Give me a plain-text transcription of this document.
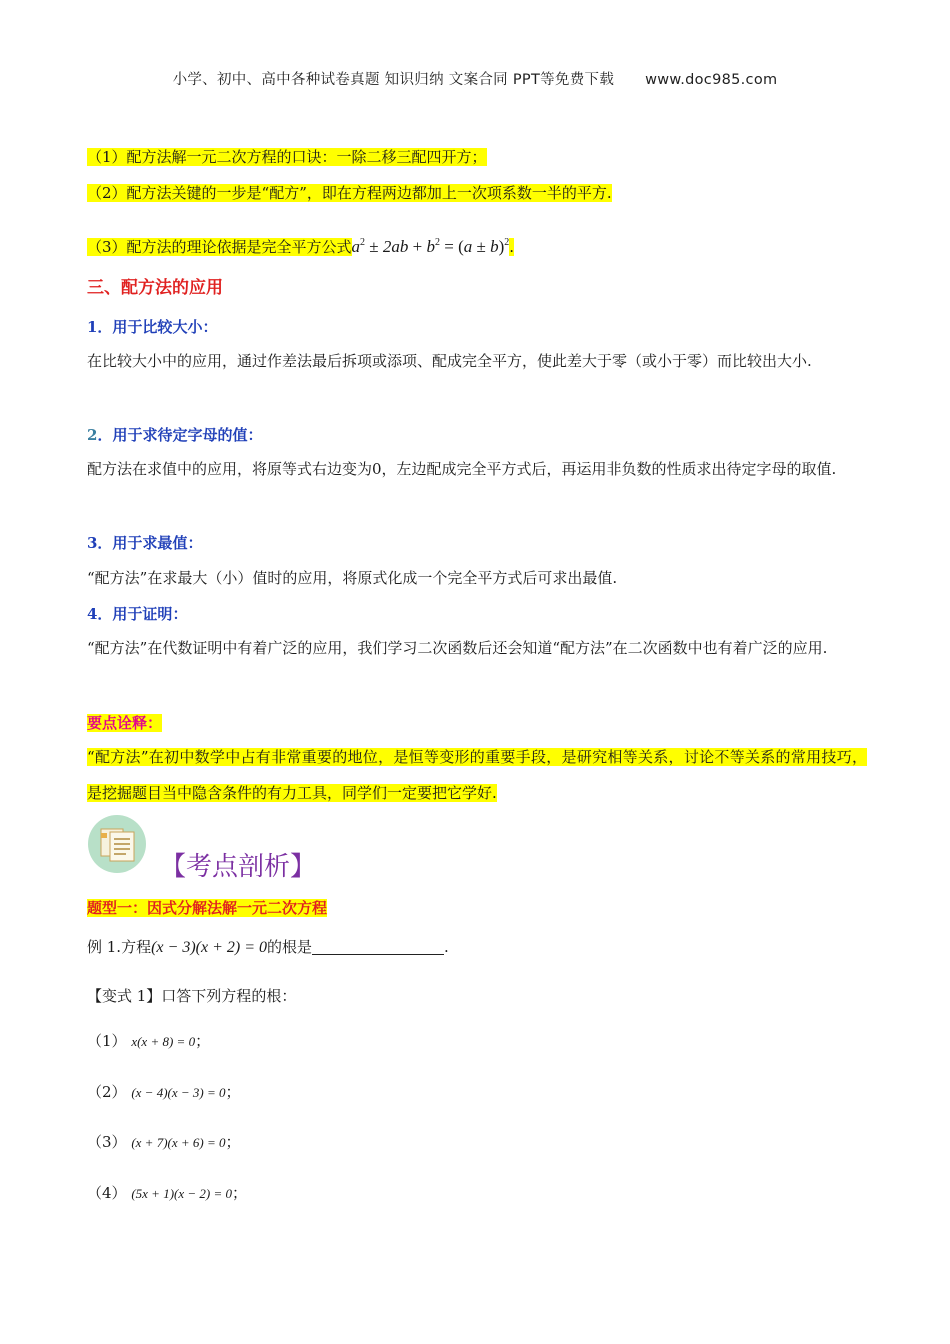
小学、初中、高中各种试卷真题 知识归纳 文案合同 PPT等免费下载 www.doc985.com
（1）配方法解一元二次方程的口诀：一除二移三配四开方；
（2）配方法关键的一步是“配方”，即在方程两边都加上一次项系数一半的平方.
（3）配方法的理论依据是完全平方公式$a^2 \pm 2ab + b^2 = (a \pm b)^2$.
三、配方法的应用
1．用于比较大小：
在比较大小中的应用，通过作差法最后拆项或添项、配成完全平方，使此差大于零（或小于零）而比较出大小.
2．用于求待定字母的值：
配方法在求值中的应用，将原等式右边变为0，左边配成完全平方式后，再运用非负数的性质求出待定字母的取值.
3．用于求最值：
“配方法”在求最大（小）值时的应用，将原式化成一个完全平方式后可求出最值.
4．用于证明：
“配方法”在代数证明中有着广泛的应用，我们学习二次函数后还会知道“配方法”在二次函数中也有着广泛的应用.
要点诠释：
“配方法”在初中数学中占有非常重要的地位，是恒等变形的重要手段，是研究相等关系，讨论不等关系的常用技巧，是挖掘题目当中隐含条件的有力工具，同学们一定要把它学好.
【考点剖析】
题型一：因式分解法解一元二次方程
例 1.方程(x − 3)(x + 2) = 0的根是	.
【变式 1】口答下列方程的根：
（1） x(x + 8) = 0；
（2） (x − 4)(x − 3) = 0；
（3） (x + 7)(x + 6) = 0；
（4） (5x + 1)(x − 2) = 0；
